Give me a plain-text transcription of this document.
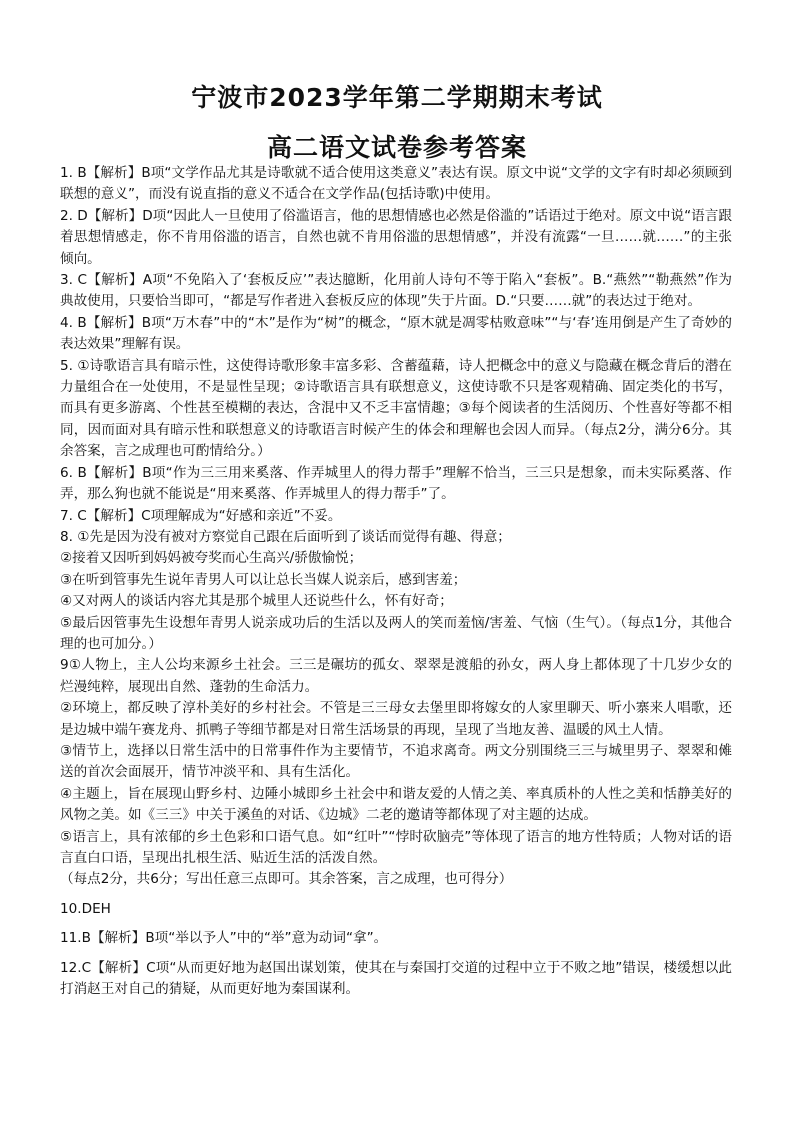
宁波市2023学年第二学期期末考试
高二语文试卷参考答案

1. B【解析】B项“文学作品尤其是诗歌就不适合使用这类意义”表达有误。原文中说“文学的文字有时却必须顾到联想的意义”，而没有说直指的意义不适合在文学作品(包括诗歌)中使用。

2. D【解析】D项“因此人一旦使用了俗滥语言，他的思想情感也必然是俗滥的”话语过于绝对。原文中说“语言跟着思想情感走，你不肯用俗滥的语言，自然也就不肯用俗滥的思想情感”，并没有流露“一旦……就……”的主张倾向。

3. C【解析】A项“不免陷入了‘套板反应’”表达臆断，化用前人诗句不等于陷入“套板”。B.“燕然”“勒燕然”作为典故使用，只要恰当即可，“都是写作者进入套板反应的体现”失于片面。D.“只要……就”的表达过于绝对。

4. B【解析】B项“万木春”中的“木”是作为“树”的概念，“原木就是凋零枯败意味”“与‘春’连用倒是产生了奇妙的表达效果”理解有误。

5. ①诗歌语言具有暗示性，这使得诗歌形象丰富多彩、含蓄蕴藉，诗人把概念中的意义与隐藏在概念背后的潜在力量组合在一处使用，不是显性呈现；②诗歌语言具有联想意义，这使诗歌不只是客观精确、固定类化的书写，而具有更多游离、个性甚至模糊的表达，含混中又不乏丰富情趣；③每个阅读者的生活阅历、个性喜好等都不相同，因而面对具有暗示性和联想意义的诗歌语言时候产生的体会和理解也会因人而异。（每点2分，满分6分。其余答案，言之成理也可酌情给分。）

6. B【解析】B项“作为三三用来奚落、作弄城里人的得力帮手”理解不恰当，三三只是想象，而未实际奚落、作弄，那么狗也就不能说是“用来奚落、作弄城里人的得力帮手”了。

7. C【解析】C项理解成为“好感和亲近”不妥。

8. ①先是因为没有被对方察觉自己跟在后面听到了谈话而觉得有趣、得意；

②接着又因听到妈妈被夸奖而心生高兴/骄傲愉悦；

③在听到管事先生说年青男人可以让总长当媒人说亲后，感到害羞；

④又对两人的谈话内容尤其是那个城里人还说些什么，怀有好奇；

⑤最后因管事先生设想年青男人说亲成功后的生活以及两人的笑而羞恼/害羞、气恼（生气）。（每点1分，其他合理的也可加分。）

9①人物上，主人公均来源乡土社会。三三是碾坊的孤女、翠翠是渡船的孙女，两人身上都体现了十几岁少女的烂漫纯粹，展现出自然、蓬勃的生命活力。

②环境上，都反映了淳朴美好的乡村社会。不管是三三母女去堡里即将嫁女的人家里聊天、听小寨来人唱歌，还是边城中端午赛龙舟、抓鸭子等细节都是对日常生活场景的再现，呈现了当地友善、温暖的风土人情。

③情节上，选择以日常生活中的日常事件作为主要情节，不追求离奇。两文分别围绕三三与城里男子、翠翠和傩送的首次会面展开，情节冲淡平和、具有生活化。

④主题上，旨在展现山野乡村、边陲小城即乡土社会中和谐友爱的人情之美、率真质朴的人性之美和恬静美好的风物之美。如《三三》中关于溪鱼的对话、《边城》二老的邀请等都体现了对主题的达成。

⑤语言上，具有浓郁的乡土色彩和口语气息。如“红叶”“悖时砍脑壳”等体现了语言的地方性特质；人物对话的语言直白口语，呈现出扎根生活、贴近生活的活泼自然。

（每点2分，共6分；写出任意三点即可。其余答案，言之成理，也可得分）

10.DEH

11.B【解析】B项“举以予人”中的“举”意为动词“拿”。

12.C【解析】C项“从而更好地为赵国出谋划策，使其在与秦国打交道的过程中立于不败之地”错误，楼缓想以此打消赵王对自己的猜疑，从而更好地为秦国谋利。
